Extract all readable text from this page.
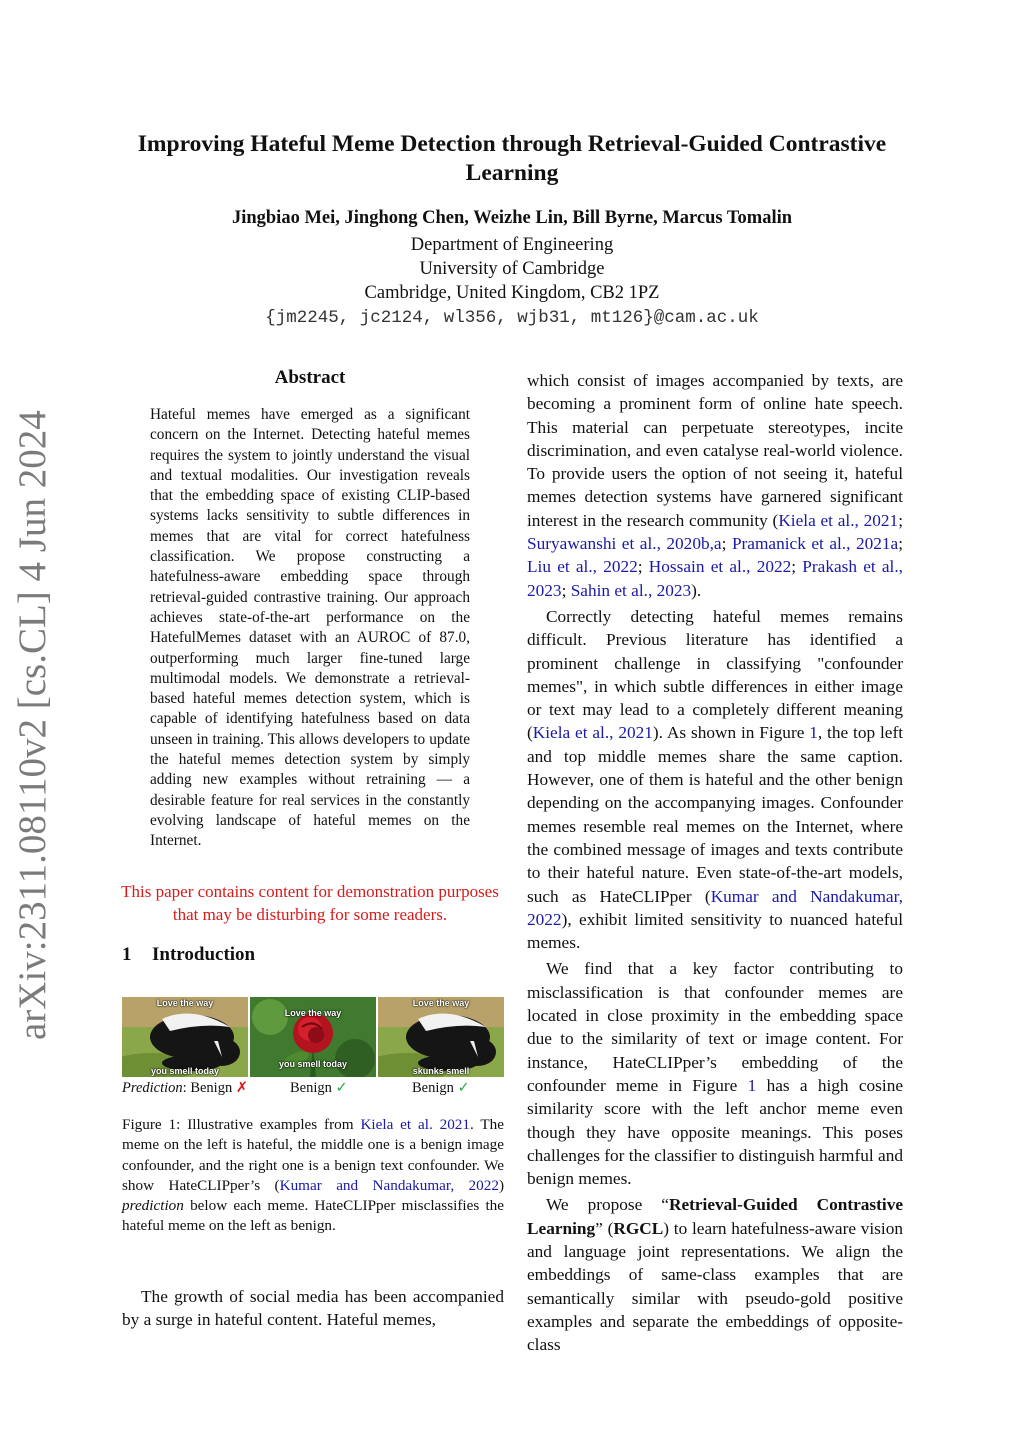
Improving Hateful Meme Detection through Retrieval-Guided Contrastive Learning
Jingbiao Mei, Jinghong Chen, Weizhe Lin, Bill Byrne, Marcus Tomalin
Department of Engineering
University of Cambridge
Cambridge, United Kingdom, CB2 1PZ
{jm2245, jc2124, wl356, wjb31, mt126}@cam.ac.uk
arXiv:2311.08110v2 [cs.CL] 4 Jun 2024
Abstract
Hateful memes have emerged as a significant concern on the Internet. Detecting hateful memes requires the system to jointly understand the visual and textual modalities. Our investigation reveals that the embedding space of existing CLIP-based systems lacks sensitivity to subtle differences in memes that are vital for correct hatefulness classification. We propose constructing a hatefulness-aware embedding space through retrieval-guided contrastive training. Our approach achieves state-of-the-art performance on the HatefulMemes dataset with an AUROC of 87.0, outperforming much larger fine-tuned large multimodal models. We demonstrate a retrieval-based hateful memes detection system, which is capable of identifying hatefulness based on data unseen in training. This allows developers to update the hateful memes detection system by simply adding new examples without retraining — a desirable feature for real services in the constantly evolving landscape of hateful memes on the Internet.
This paper contains content for demonstration purposes that may be disturbing for some readers.
1 Introduction
Love the way
you smell today
Love the way
you smell today
Love the way
skunks smell
Prediction: Benign ✗	Benign ✓	Benign ✓
Figure 1: Illustrative examples from Kiela et al. 2021. The meme on the left is hateful, the middle one is a benign image confounder, and the right one is a benign text confounder. We show HateCLIPper’s (Kumar and Nandakumar, 2022) prediction below each meme. HateCLIPper misclassifies the hateful meme on the left as benign.
The growth of social media has been accompanied by a surge in hateful content. Hateful memes,

which consist of images accompanied by texts, are becoming a prominent form of online hate speech. This material can perpetuate stereotypes, incite discrimination, and even catalyse real-world violence. To provide users the option of not seeing it, hateful memes detection systems have garnered significant interest in the research community (Kiela et al., 2021; Suryawanshi et al., 2020b,a; Pramanick et al., 2021a; Liu et al., 2022; Hossain et al., 2022; Prakash et al., 2023; Sahin et al., 2023).

Correctly detecting hateful memes remains difficult. Previous literature has identified a prominent challenge in classifying "confounder memes", in which subtle differences in either image or text may lead to a completely different meaning (Kiela et al., 2021). As shown in Figure 1, the top left and top middle memes share the same caption. However, one of them is hateful and the other benign depending on the accompanying images. Confounder memes resemble real memes on the Internet, where the combined message of images and texts contribute to their hateful nature. Even state-of-the-art models, such as HateCLIPper (Kumar and Nandakumar, 2022), exhibit limited sensitivity to nuanced hateful memes.

We find that a key factor contributing to misclassification is that confounder memes are located in close proximity in the embedding space due to the similarity of text or image content. For instance, HateCLIPper’s embedding of the confounder meme in Figure 1 has a high cosine similarity score with the left anchor meme even though they have opposite meanings. This poses challenges for the classifier to distinguish harmful and benign memes.

We propose “Retrieval-Guided Contrastive Learning” (RGCL) to learn hatefulness-aware vision and language joint representations. We align the embeddings of same-class examples that are semantically similar with pseudo-gold positive examples and separate the embeddings of opposite-class
